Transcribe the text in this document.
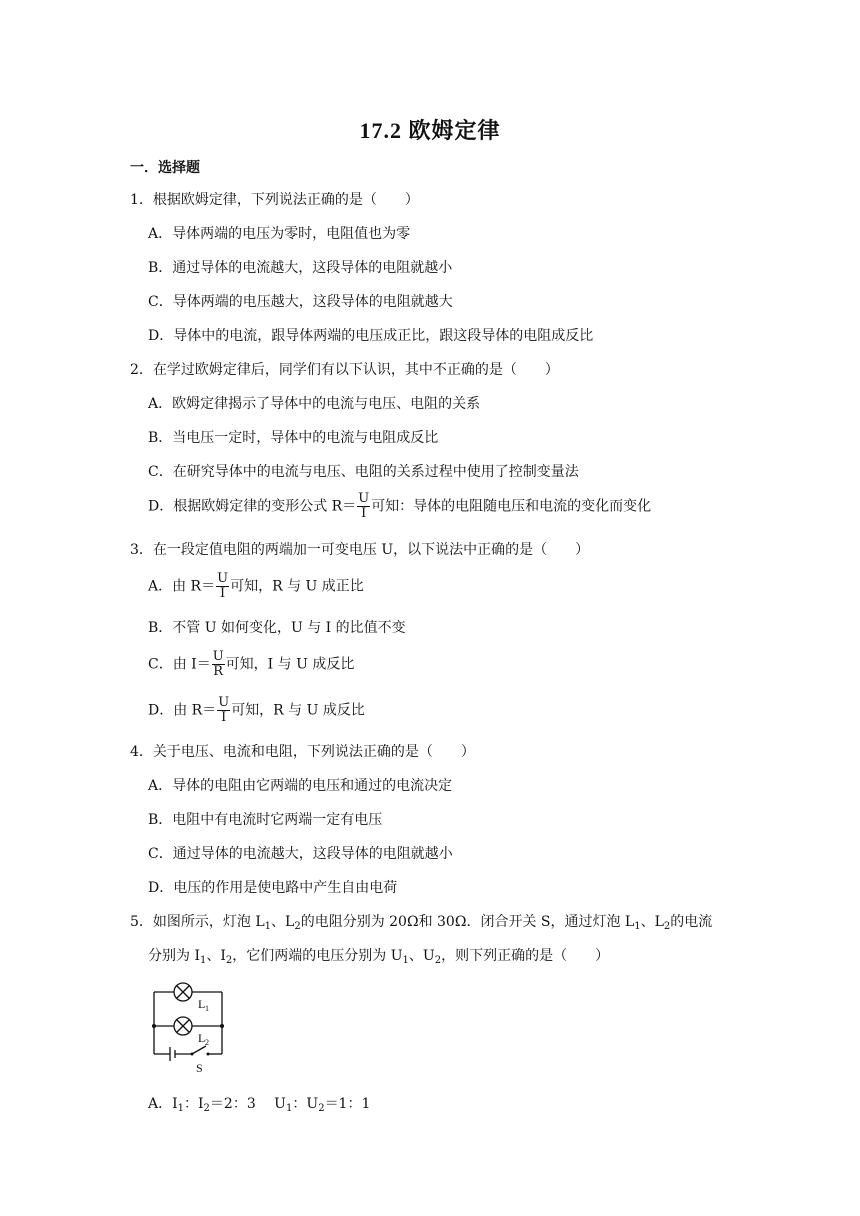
17.2 欧姆定律
一．选择题
1．根据欧姆定律，下列说法正确的是（　　）
A．导体两端的电压为零时，电阻值也为零
B．通过导体的电流越大，这段导体的电阻就越小
C．导体两端的电压越大，这段导体的电阻就越大
D．导体中的电流，跟导体两端的电压成正比，跟这段导体的电阻成反比
2．在学过欧姆定律后，同学们有以下认识，其中不正确的是（　　）
A．欧姆定律揭示了导体中的电流与电压、电阻的关系
B．当电压一定时，导体中的电流与电阻成反比
C．在研究导体中的电流与电压、电阻的关系过程中使用了控制变量法
D．根据欧姆定律的变形公式 $R= \frac{U}{I}$ 可知：导体的电阻随电压和电流的变化而变化
3．在一段定值电阻的两端加一可变电压 U，以下说法中正确的是（　　）
A．由 $R= \frac{U}{I}$ 可知，R 与 U 成正比
B．不管 U 如何变化，U 与 I 的比值不变
C．由 $I= \frac{U}{R}$ 可知，I 与 U 成反比
D．由 $R= \frac{U}{I}$ 可知，R 与 U 成反比
4．关于电压、电流和电阻，下列说法正确的是（　　）
A．导体的电阻由它两端的电压和通过的电流决定
B．电阻中有电流时它两端一定有电压
C．通过导体的电流越大，这段导体的电阻就越小
D．电压的作用是使电路中产生自由电荷
5．如图所示，灯泡 $L_1$、$L_2$的电阻分别为 20Ω和 30Ω．闭合开关 S，通过灯泡 $L_1$、$L_2$的电流
分别为 $I_1$、$I_2$，它们两端的电压分别为 $U_1$、$U_2$，则下列正确的是（　　）
L 1
L 2
S
A．$I_1$：$I_2=2$：3　 $U_1$：$U_2=1$：1
